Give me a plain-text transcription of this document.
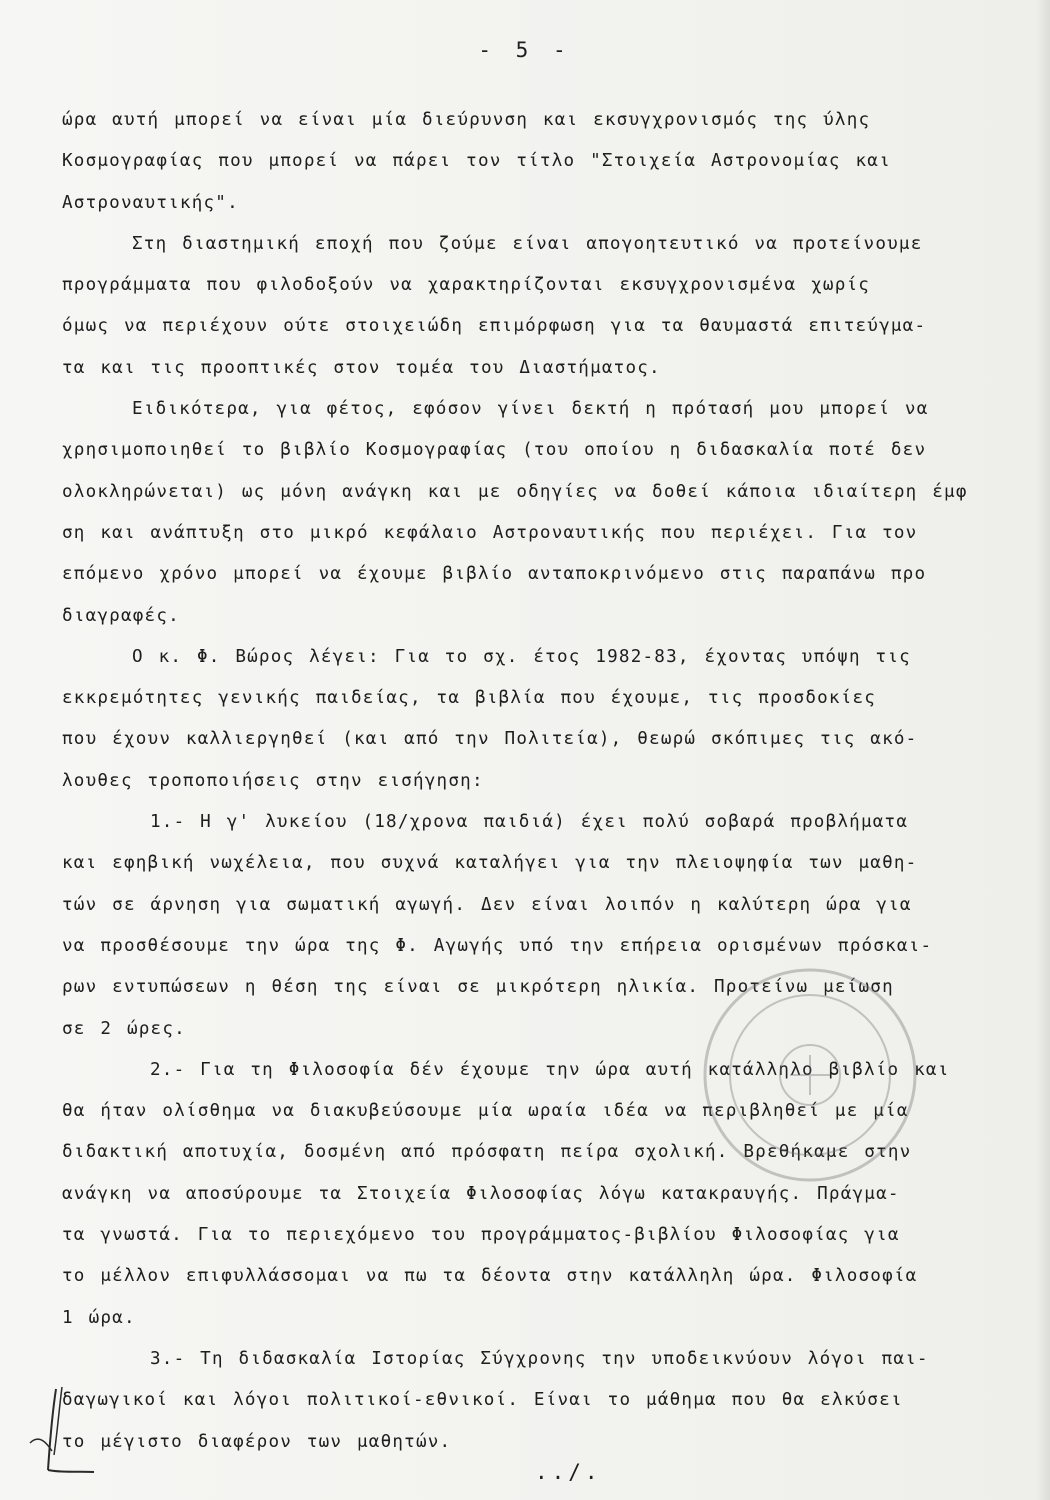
- 5 -
ώρα αυτή μπορεί να είναι μία διεύρυνση και εκσυγχρονισμός της ύλης
Κοσμογραφίας που μπορεί να πάρει τον τίτλο "Στοιχεία Αστρονομίας και
Αστροναυτικής".
Στη διαστημική εποχή που ζούμε είναι απογοητευτικό να προτείνουμε
προγράμματα που φιλοδοξούν να χαρακτηρίζονται εκσυγχρονισμένα χωρίς
όμως να περιέχουν ούτε στοιχειώδη επιμόρφωση για τα θαυμαστά επιτεύγμα-
τα και τις προοπτικές στον τομέα του Διαστήματος.
Ειδικότερα, για φέτος, εφόσον γίνει δεκτή η πρότασή μου μπορεί να
χρησιμοποιηθεί το βιβλίο Κοσμογραφίας (του οποίου η διδασκαλία ποτέ δεν
ολοκληρώνεται) ως μόνη ανάγκη και με οδηγίες να δοθεί κάποια ιδιαίτερη έμφ
ση και ανάπτυξη στο μικρό κεφάλαιο Αστροναυτικής που περιέχει. Για τον
επόμενο χρόνο μπορεί να έχουμε βιβλίο ανταποκρινόμενο στις παραπάνω προ
διαγραφές.
Ο κ. Φ. Βώρος λέγει: Για το σχ. έτος 1982-83, έχοντας υπόψη τις
εκκρεμότητες γενικής παιδείας, τα βιβλία που έχουμε, τις προσδοκίες
που έχουν καλλιεργηθεί (και από την Πολιτεία), θεωρώ σκόπιμες τις ακό-
λουθες τροποποιήσεις στην εισήγηση:
1.- Η γ' λυκείου (18/χρονα παιδιά) έχει πολύ σοβαρά προβλήματα
και εφηβική νωχέλεια, που συχνά καταλήγει για την πλειοψηφία των μαθη-
τών σε άρνηση για σωματική αγωγή. Δεν είναι λοιπόν η καλύτερη ώρα για
να προσθέσουμε την ώρα της Φ. Αγωγής υπό την επήρεια ορισμένων πρόσκαι-
ρων εντυπώσεων η θέση της είναι σε μικρότερη ηλικία. Προτείνω μείωση
σε 2 ώρες.
2.- Για τη Φιλοσοφία δέν έχουμε την ώρα αυτή κατάλληλο βιβλίο και
θα ήταν ολίσθημα να διακυβεύσουμε μία ωραία ιδέα να περιβληθεί με μία
διδακτική αποτυχία, δοσμένη από πρόσφατη πείρα σχολική. Βρεθήκαμε στην
ανάγκη να αποσύρουμε τα Στοιχεία Φιλοσοφίας λόγω κατακραυγής. Πράγμα-
τα γνωστά. Για το περιεχόμενο του προγράμματος-βιβλίου Φιλοσοφίας για
το μέλλον επιφυλλάσσομαι να πω τα δέοντα στην κατάλληλη ώρα. Φιλοσοφία
1 ώρα.
3.- Τη διδασκαλία Ιστορίας Σύγχρονης την υποδεικνύουν λόγοι παι-
δαγωγικοί και λόγοι πολιτικοί-εθνικοί. Είναι το μάθημα που θα ελκύσει
το μέγιστο διαφέρον των μαθητών.
../.
